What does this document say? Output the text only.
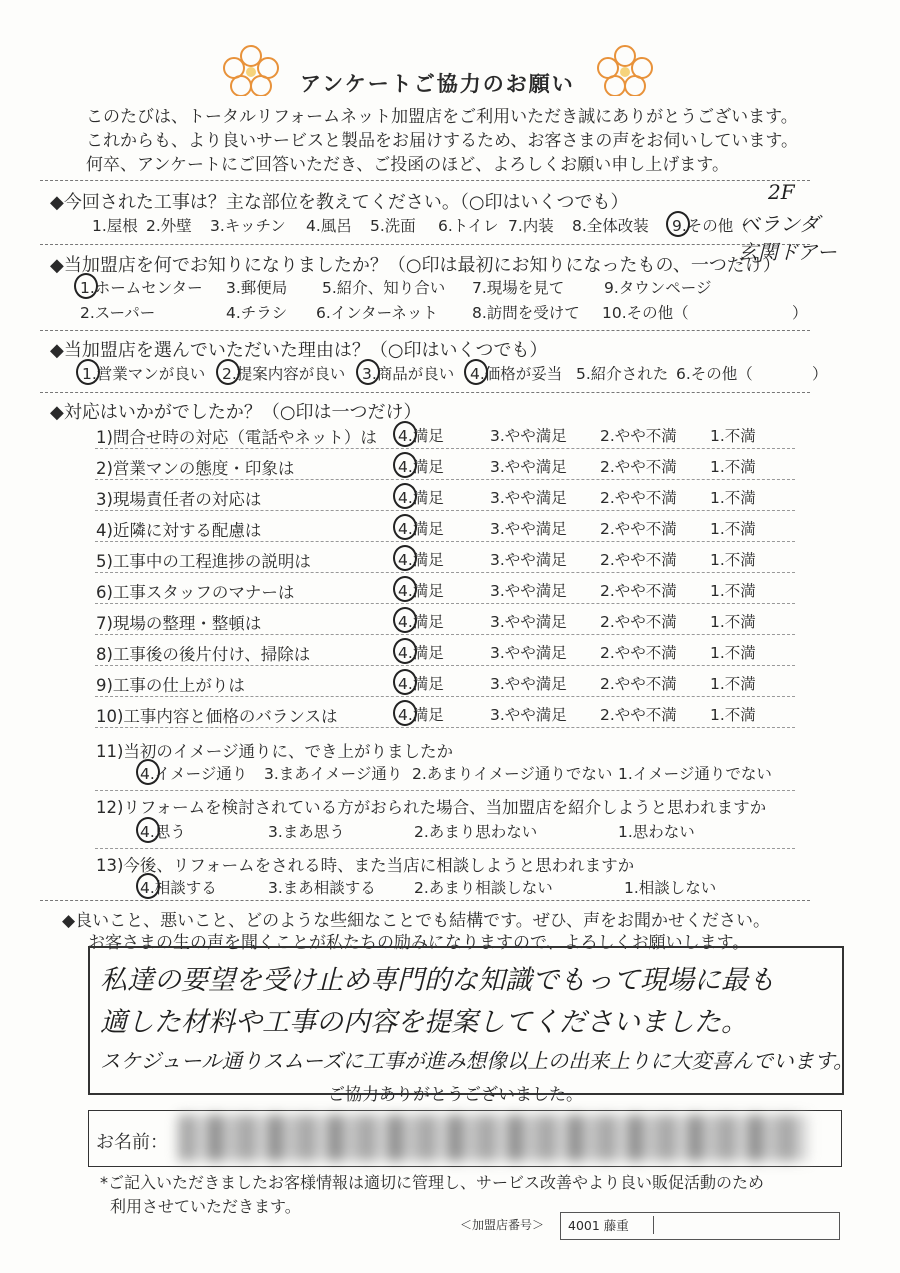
アンケートご協力のお願い
このたびは、トータルリフォームネット加盟店をご利用いただき誠にありがとうございます。
これからも、より良いサービスと製品をお届けするため、お客さまの声をお伺いしています。
何卒、アンケートにご回答いただき、ご投函のほど、よろしくお願い申し上げます。
◆今回された工事は？主な部位を教えてください。（○印はいくつでも）
1.屋根 2.外壁 3.キッチン 4.風呂 5.洗面 6.トイレ 7.内装 8.全体改装 9.その他（
2F
ベランダ
玄関ドアー
◆当加盟店を何でお知りになりましたか？（○印は最初にお知りになったもの、一つだけ）
1.ホームセンター 3.郵便局 5.紹介、知り合い 7.現場を見て	9.タウンページ
2.スーパー	4.チラシ 6.インターネット 8.訪問を受けて 10.その他（	）
◆当加盟店を選んでいただいた理由は？（○印はいくつでも）
1.営業マンが良い 2.提案内容が良い 3.商品が良い 4.価格が妥当 5.紹介された 6.その他（	）
◆対応はいかがでしたか？（○印は一つだけ）
1)問合せ時の対応（電話やネット）は 4.満足	3.やや満足 2.やや不満 1.不満
2)営業マンの態度・印象は	4.満足	3.やや満足 2.やや不満 1.不満
3)現場責任者の対応は	4.満足	3.やや満足 2.やや不満 1.不満
4)近隣に対する配慮は	4.満足	3.やや満足 2.やや不満 1.不満
5)工事中の工程進捗の説明は	4.満足	3.やや満足 2.やや不満 1.不満
6)工事スタッフのマナーは	4.満足	3.やや満足 2.やや不満 1.不満
7)現場の整理・整頓は	4.満足	3.やや満足 2.やや不満 1.不満
8)工事後の後片付け、掃除は	4.満足	3.やや満足 2.やや不満 1.不満
9)工事の仕上がりは	4.満足	3.やや満足 2.やや不満 1.不満
10)工事内容と価格のバランスは	4.満足	3.やや満足 2.やや不満 1.不満
11)当初のイメージ通りに、でき上がりましたか
4.イメージ通り 3.まあイメージ通り 2.あまりイメージ通りでない 1.イメージ通りでない
12)リフォームを検討されている方がおられた場合、当加盟店を紹介しようと思われますか
4.思う	3.まあ思う	2.あまり思わない	1.思わない
13)今後、リフォームをされる時、また当店に相談しようと思われますか
4.相談する	3.まあ相談する 2.あまり相談しない	1.相談しない
◆良いこと、悪いこと、どのような些細なことでも結構です。ぜひ、声をお聞かせください。
お客さまの生の声を聞くことが私たちの励みになりますので、よろしくお願いします。
私達の要望を受け止め専門的な知識でもって現場に最も
適した材料や工事の内容を提案してくださいました。
スケジュール通りスムーズに工事が進み想像以上の出来上りに大変喜んでいます。
ご協力ありがとうございました。
お名前：
*ご記入いただきましたお客様情報は適切に管理し、サービス改善やより良い販促活動のため
利用させていただきます。
＜加盟店番号＞	4001 藤重
